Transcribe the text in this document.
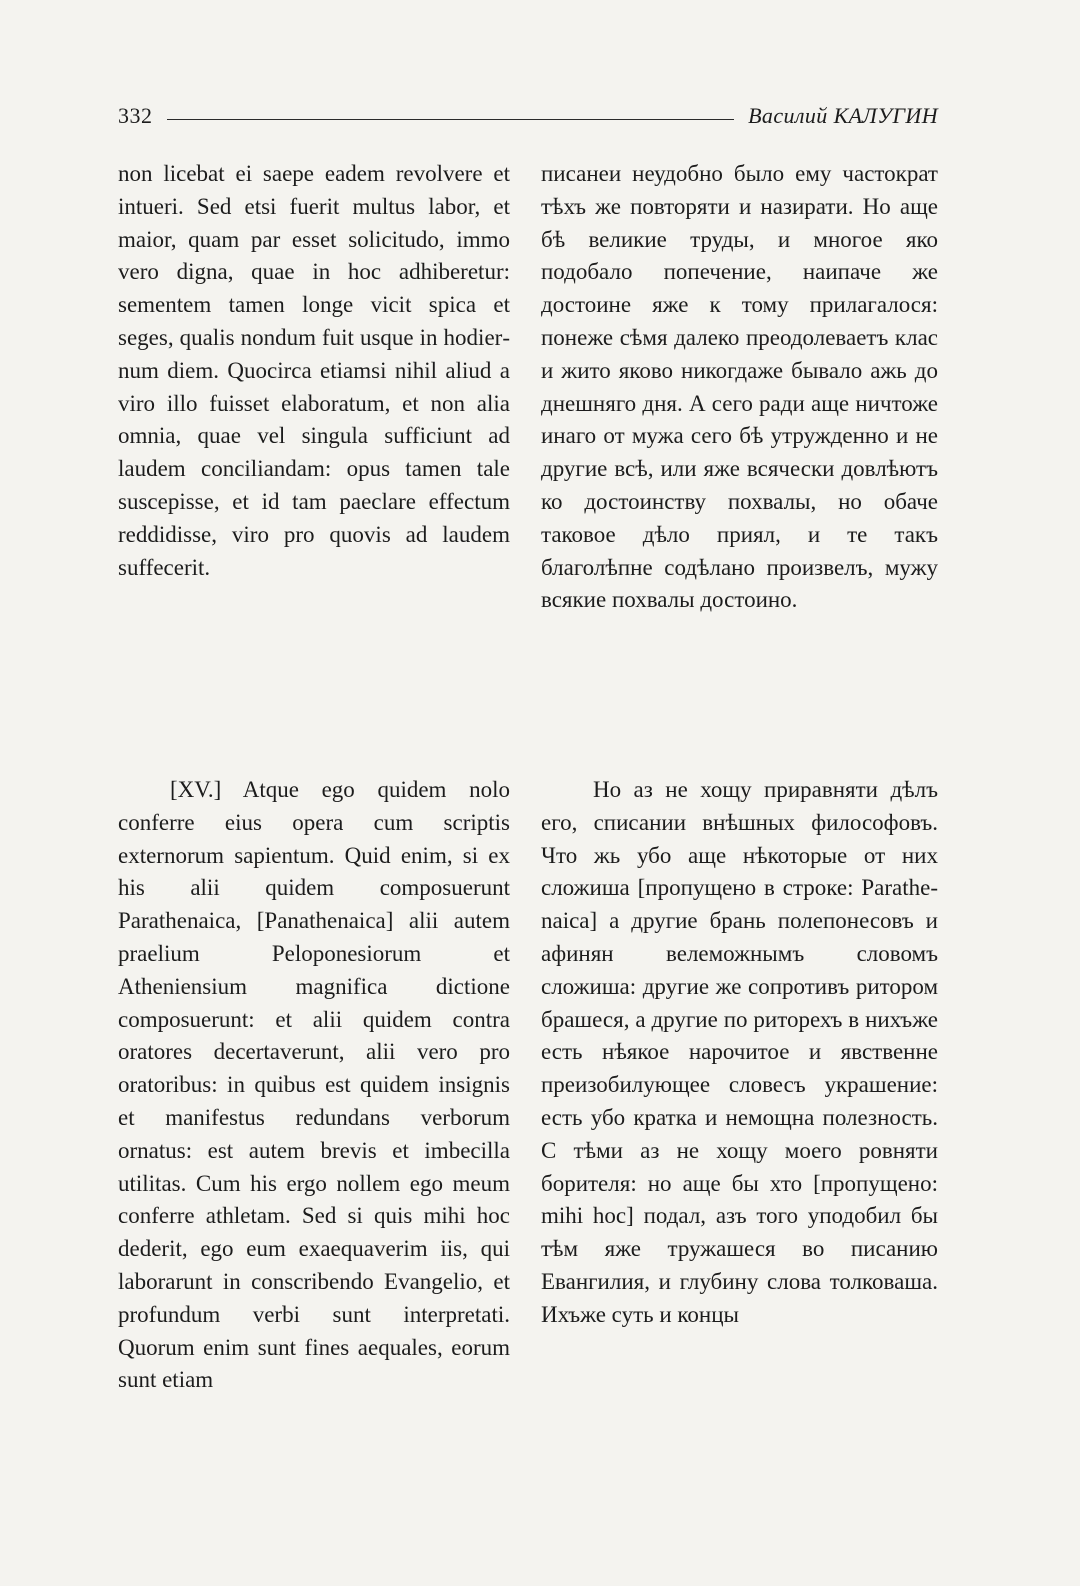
332	Василий КАЛУГИН

non licebat ei saepe eadem revolvere et intueri. Sed etsi fuerit multus labor, et maior, quam par esset solicitudo, immo vero digna, quae in hoc adhiberetur: sementem tamen longe vicit spica et seges, qualis nondum fuit usque in hodiernum diem. Quocirca etiamsi nihil aliud a viro illo fuisset elaboratum, et non alia omnia, quae vel singula sufficiunt ad laudem conciliandam: opus tamen tale suscepisse, et id tam paeclare effectum reddidisse, viro pro quovis ad laudem suffecerit.

писанеи неудобно было ему частократ тѣхъ же повторяти и назирати. Но аще бѣ великие труды, и многое яко подобало попечение, наипаче же достоине яже к тому прилагалося: понеже сѣмя далеко преодолеваетъ клас и жито яково никогдаже бывало ажь до днешняго дня. А сего ради аще ничтоже инаго от мужа сего бѣ утружденно и не другие всѣ, или яже всячески довлѣютъ ко достоинству похвалы, но обаче таковое дѣло приял, и те такъ благолѣпне содѣлано произвелъ, мужу всякие похвалы достоино.

[XV.] Atque ego quidem nolo conferre eius opera cum scriptis externorum sapientum. Quid enim, si ex his alii quidem composuerunt Parathenaica, [Panathenaica] alii autem praelium Peloponesiorum et Atheniensium magnifica dictione composuerunt: et alii quidem contra oratores decertaverunt, alii vero pro oratoribus: in quibus est quidem insignis et manifestus redundans verborum ornatus: est autem brevis et imbecilla utilitas. Cum his ergo nollem ego meum conferre athletam. Sed si quis mihi hoc dederit, ego eum exaequaverim iis, qui laborarunt in conscribendo Evangelio, et profundum verbi sunt interpretati. Quorum enim sunt fines aequales, eorum sunt etiam

Но аз не хощу приравняти дѣлъ его, списании внѣшных философовъ. Что жь убо аще нѣкоторые от них сложиша [пропущено в строке: Parathenaica] а другие брань полепонесовъ и афинян велеможнымъ словомъ сложиша: другие же сопротивъ ритором брашеся, а другие по риторехъ в нихъже есть нѣякое нарочитое и явственне преизобилующее словесъ украшение: есть убо кратка и немощна полезность. С тѣми аз не хощу моего ровняти борителя: но аще бы хто [пропущено: mihi hoc] подал, азъ того уподобил бы тѣм яже тружашеся во писанию Евангилия, и глубину слова толковаша. Ихъже суть и концы
